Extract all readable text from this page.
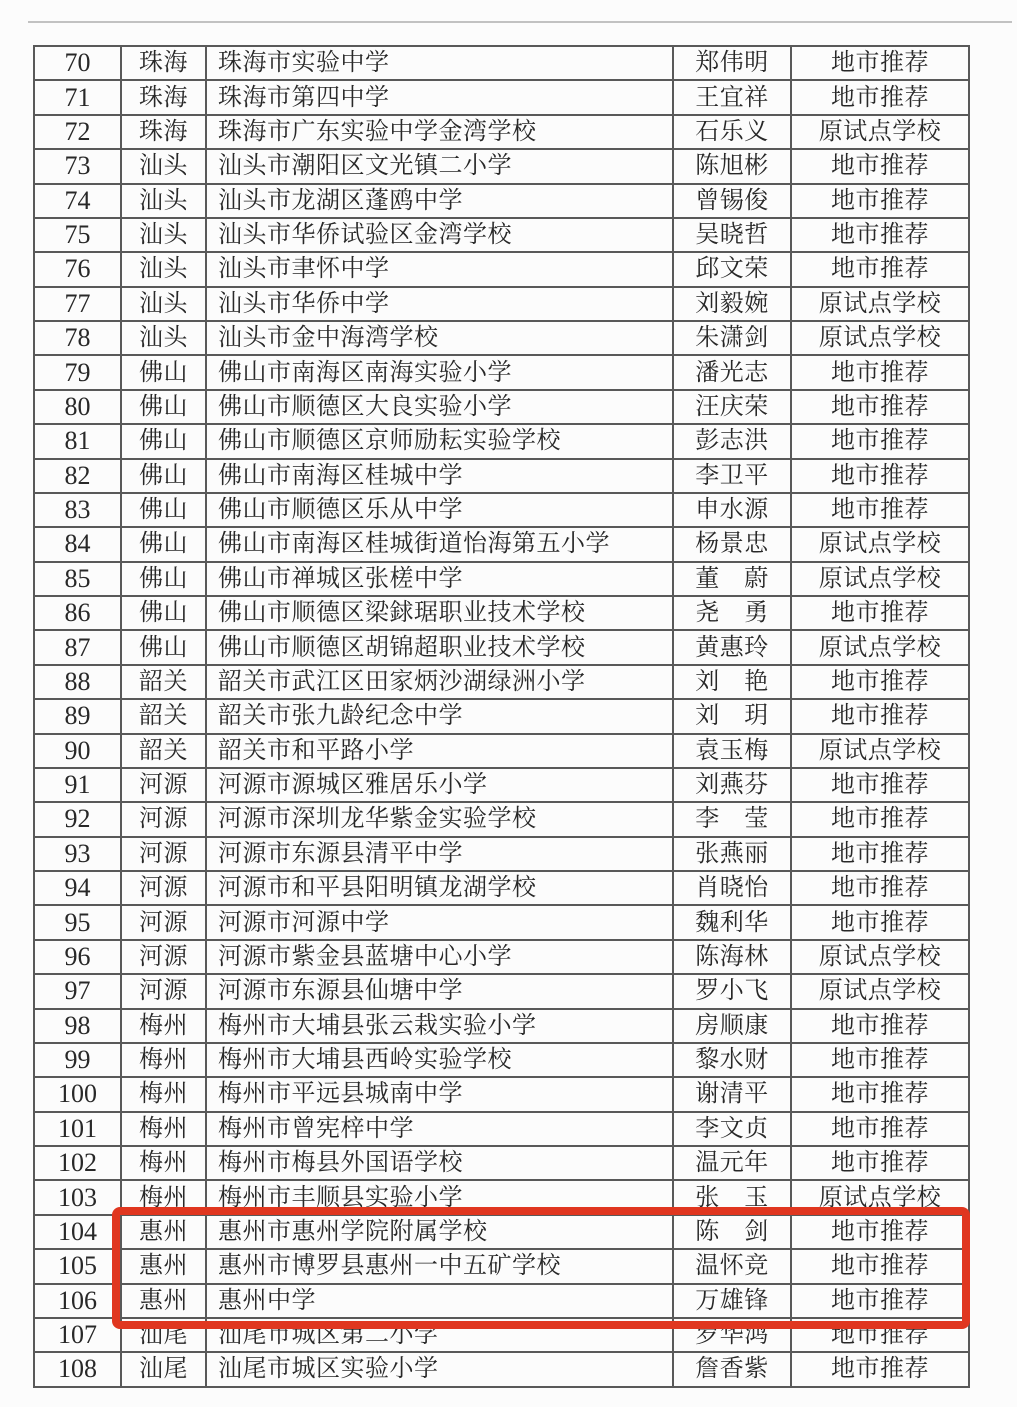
70	珠海	珠海市实验中学	郑伟明	地市推荐
71	珠海	珠海市第四中学	王宜祥	地市推荐
72	珠海	珠海市广东实验中学金湾学校	石乐义	原试点学校
73	汕头	汕头市潮阳区文光镇二小学	陈旭彬	地市推荐
74	汕头	汕头市龙湖区蓬鸥中学	曾锡俊	地市推荐
75	汕头	汕头市华侨试验区金湾学校	吴晓哲	地市推荐
76	汕头	汕头市聿怀中学	邱文荣	地市推荐
77	汕头	汕头市华侨中学	刘毅婉	原试点学校
78	汕头	汕头市金中海湾学校	朱潇剑	原试点学校
79	佛山	佛山市南海区南海实验小学	潘光志	地市推荐
80	佛山	佛山市顺德区大良实验小学	汪庆荣	地市推荐
81	佛山	佛山市顺德区京师励耘实验学校	彭志洪	地市推荐
82	佛山	佛山市南海区桂城中学	李卫平	地市推荐
83	佛山	佛山市顺德区乐从中学	申水源	地市推荐
84	佛山	佛山市南海区桂城街道怡海第五小学	杨景忠	原试点学校
85	佛山	佛山市禅城区张槎中学	董　蔚	原试点学校
86	佛山	佛山市顺德区梁銶琚职业技术学校	尧　勇	地市推荐
87	佛山	佛山市顺德区胡锦超职业技术学校	黄惠玲	原试点学校
88	韶关	韶关市武江区田家炳沙湖绿洲小学	刘　艳	地市推荐
89	韶关	韶关市张九龄纪念中学	刘　玥	地市推荐
90	韶关	韶关市和平路小学	袁玉梅	原试点学校
91	河源	河源市源城区雅居乐小学	刘燕芬	地市推荐
92	河源	河源市深圳龙华紫金实验学校	李　莹	地市推荐
93	河源	河源市东源县清平中学	张燕丽	地市推荐
94	河源	河源市和平县阳明镇龙湖学校	肖晓怡	地市推荐
95	河源	河源市河源中学	魏利华	地市推荐
96	河源	河源市紫金县蓝塘中心小学	陈海林	原试点学校
97	河源	河源市东源县仙塘中学	罗小飞	原试点学校
98	梅州	梅州市大埔县张云栽实验小学	房顺康	地市推荐
99	梅州	梅州市大埔县西岭实验学校	黎水财	地市推荐
100	梅州	梅州市平远县城南中学	谢清平	地市推荐
101	梅州	梅州市曾宪梓中学	李文贞	地市推荐
102	梅州	梅州市梅县外国语学校	温元年	地市推荐
103	梅州	梅州市丰顺县实验小学	张　玉	原试点学校
104	惠州	惠州市惠州学院附属学校	陈　剑	地市推荐
105	惠州	惠州市博罗县惠州一中五矿学校	温怀竞	地市推荐
106	惠州	惠州中学	万雄锋	地市推荐
107	汕尾	汕尾市城区第二小学	罗华鸿	地市推荐
108	汕尾	汕尾市城区实验小学	詹香紫	地市推荐
